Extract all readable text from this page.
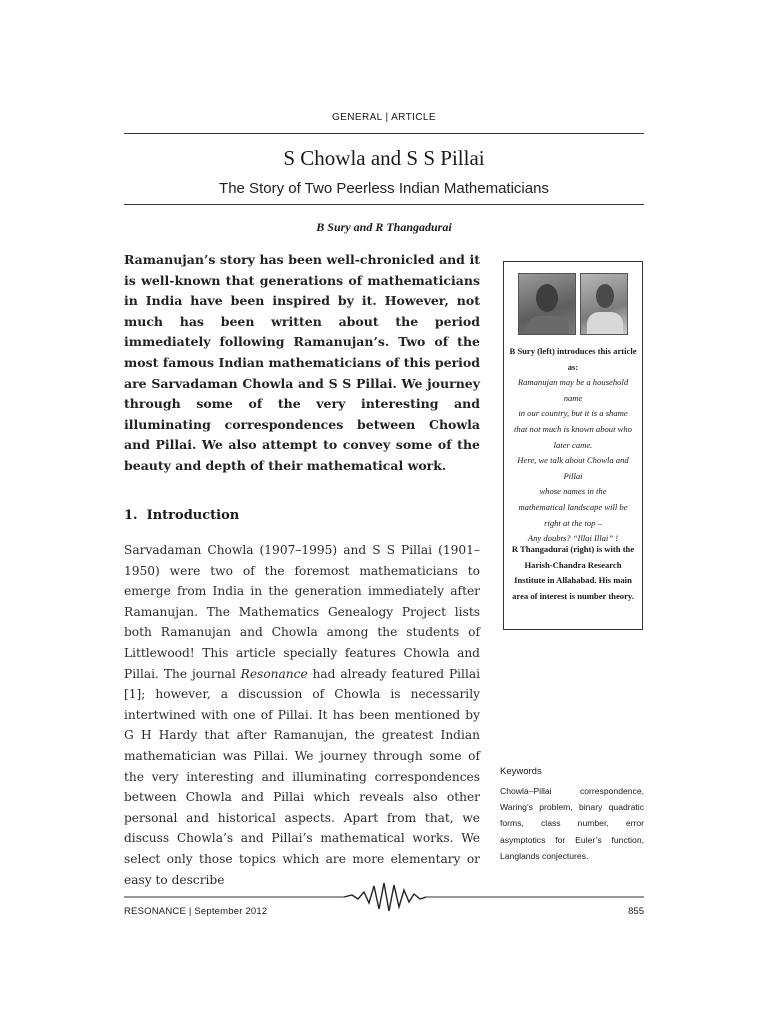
GENERAL | ARTICLE
S Chowla and S S Pillai
The Story of Two Peerless Indian Mathematicians
B Sury and R Thangadurai
Ramanujan’s story has been well-chronicled and it is well-known that generations of mathematicians in India have been inspired by it. However, not much has been written about the period immediately following Ramanujan’s. Two of the most famous Indian mathematicians of this period are Sarvadaman Chowla and S S Pillai. We journey through some of the very interesting and illuminating correspondences between Chowla and Pillai. We also attempt to convey some of the beauty and depth of their mathematical work.
1. Introduction
Sarvadaman Chowla (1907–1995) and S S Pillai (1901–1950) were two of the foremost mathematicians to emerge from India in the generation immediately after Ramanujan. The Mathematics Genealogy Project lists both Ramanujan and Chowla among the students of Littlewood! This article specially features Chowla and Pillai. The journal Resonance had already featured Pillai [1]; however, a discussion of Chowla is necessarily intertwined with one of Pillai. It has been mentioned by G H Hardy that after Ramanujan, the greatest Indian mathematician was Pillai. We journey through some of the very interesting and illuminating correspondences between Chowla and Pillai which reveals also other personal and historical aspects. Apart from that, we discuss Chowla’s and Pillai’s mathematical works. We select only those topics which are more elementary or easy to describe
B Sury (left) introduces this article as:
Ramanujan may be a household name
in our country, but it is a shame
that not much is known about who
later came.
Here, we talk about Chowla and
Pillai
whose names in the
mathematical landscape will be
right at the top –
Any doubts? “Illai Illai” !
R Thangadurai (right) is with the Harish-Chandra Research Institute in Allahabad. His main area of interest is number theory.
Keywords
Chowla–Pillai correspondence, Waring’s problem, binary quadratic forms, class number, error asymptotics for Euler’s function, Langlands conjectures.
RESONANCE | September 2012	855
